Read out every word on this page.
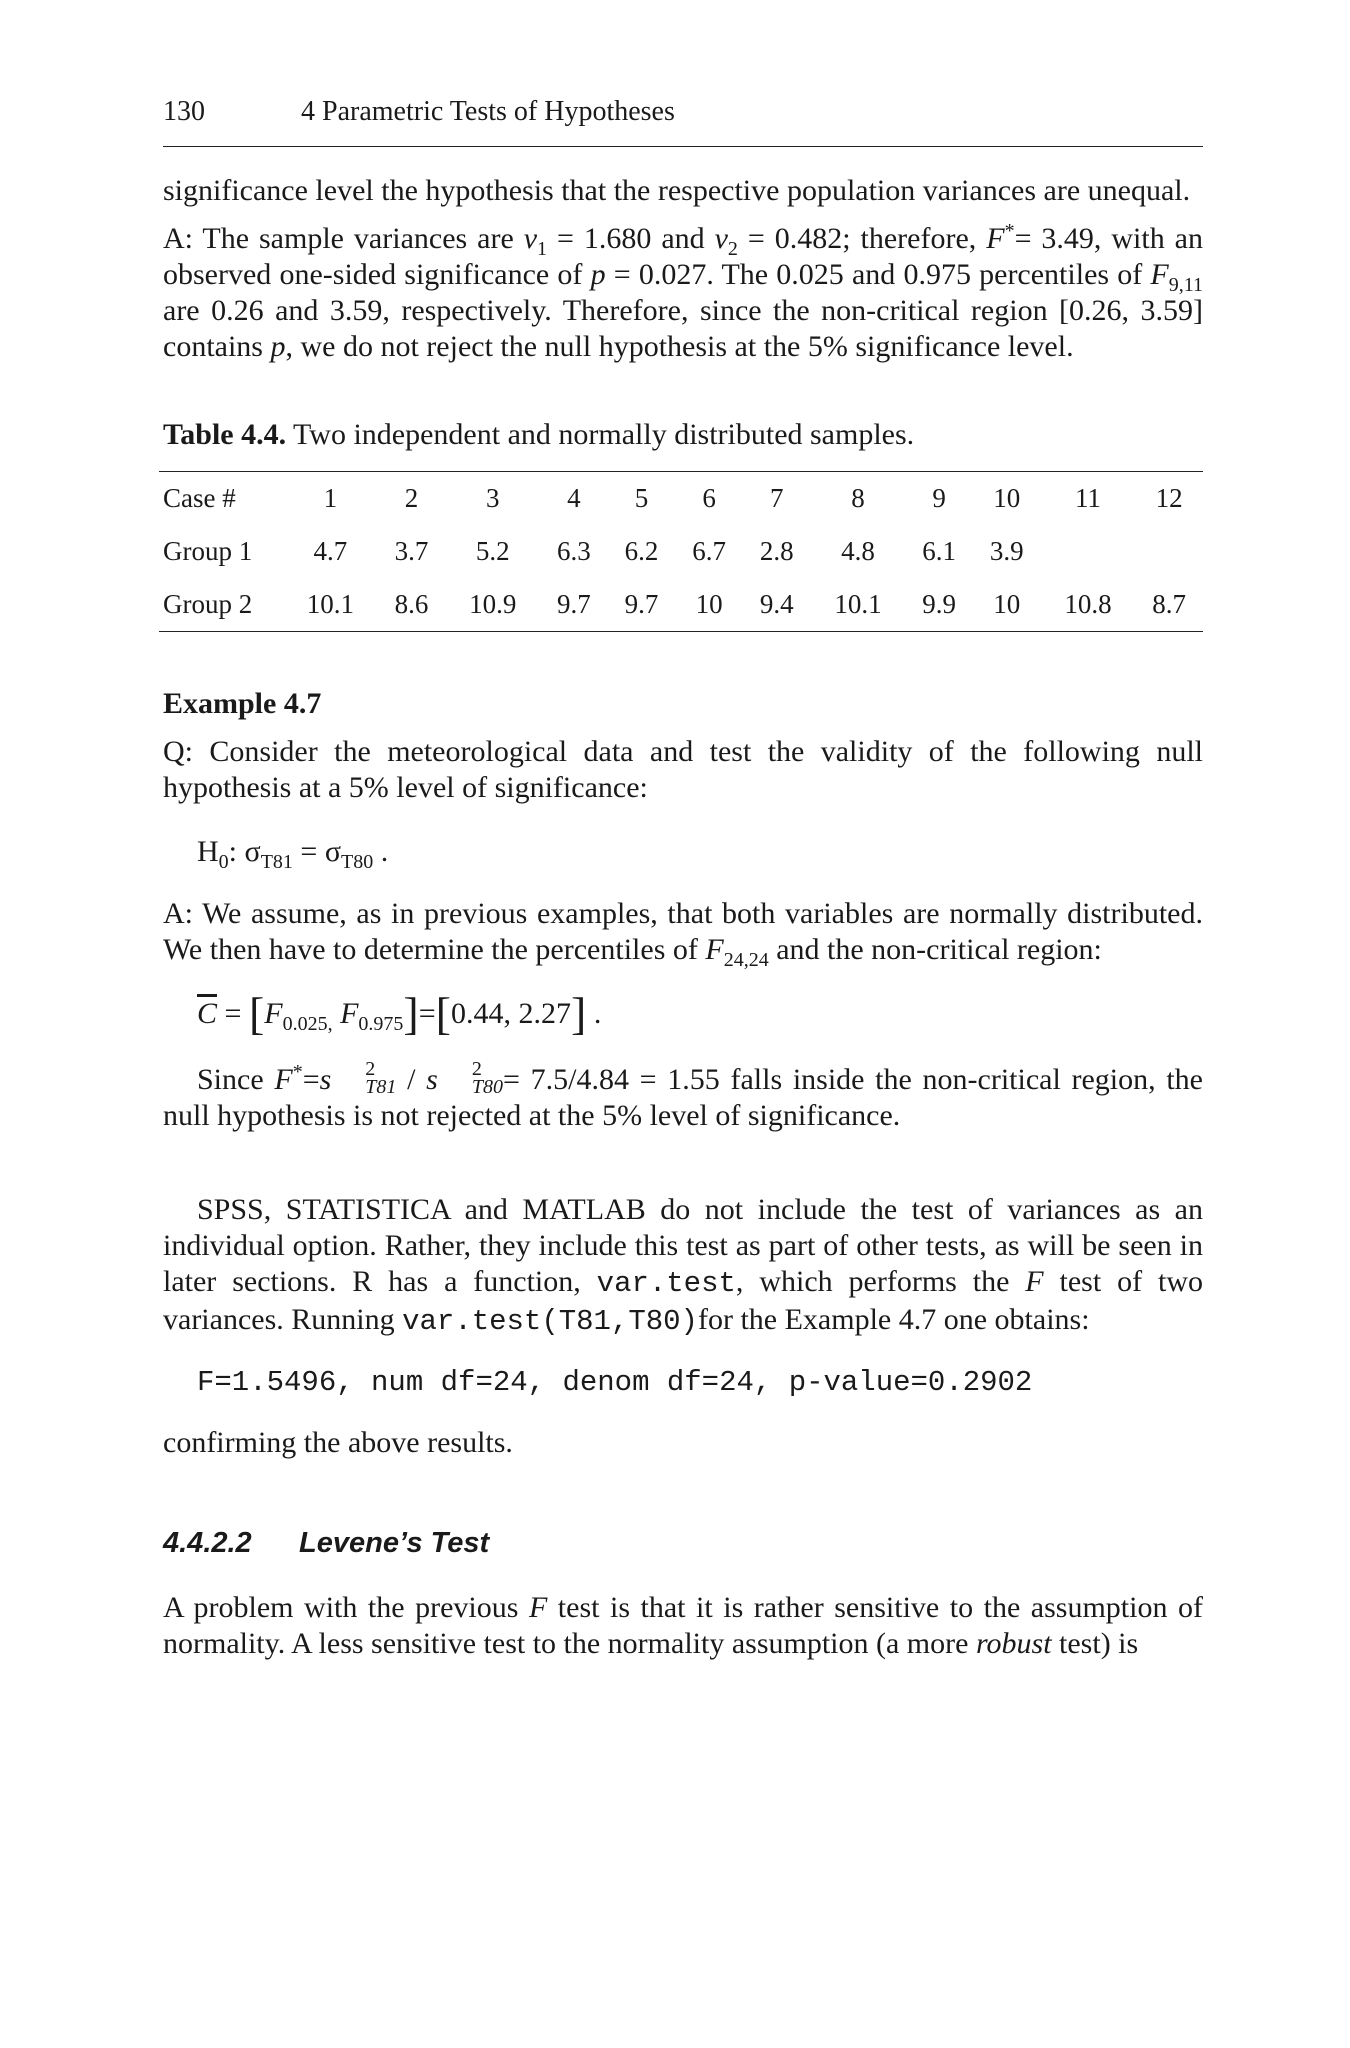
130	4 Parametric Tests of Hypotheses

significance level the hypothesis that the respective population variances are unequal.

A: The sample variances are $v_1 = 1.680$ and $v_2 = 0.482$; therefore, F*= 3.49, with an observed one-sided significance of p = 0.027. The 0.025 and 0.975 percentiles of $F_{9,11}$ are 0.26 and 3.59, respectively. Therefore, since the non-critical region [0.26, 3.59] contains p, we do not reject the null hypothesis at the 5% significance level.

Table 4.4. Two independent and normally distributed samples.
Case #	1	2	3	4	5	6	7	8	9	10	11	12
Group 1	4.7	3.7	5.2	6.3	6.2	6.7	2.8	4.8	6.1	3.9		
Group 2	10.1	8.6	10.9	9.7	9.7	10	9.4	10.1	9.9	10	10.8	8.7
Example 4.7

Q: Consider the meteorological data and test the validity of the following null hypothesis at a 5% level of significance:

$H_0$: $\sigma_{T81} = \sigma_{T80}$ .

A: We assume, as in previous examples, that both variables are normally distributed. We then have to determine the percentiles of $F_{24,24}$ and the non-critical region:

$\overline{C} = [F_{0.025,}$ $F_{0.975}]=[0.44$, 2.27] .

Since F*=s	2
T81 / s	2
T80 = 7.5/4.84 = 1.55 falls inside the non-critical region, the null hypothesis is not rejected at the 5% level of significance.

SPSS, STATISTICA and MATLAB do not include the test of variances as an individual option. Rather, they include this test as part of other tests, as will be seen in later sections. R has a function, var.test, which performs the F test of two variances. Running var.test(T81,T80)for the Example 4.7 one obtains:

F=1.5496, num df=24, denom df=24, p-value=0.2902

confirming the above results.

4.4.2.2	Levene’s Test

A problem with the previous F test is that it is rather sensitive to the assumption of normality. A less sensitive test to the normality assumption (a more robust test) is
